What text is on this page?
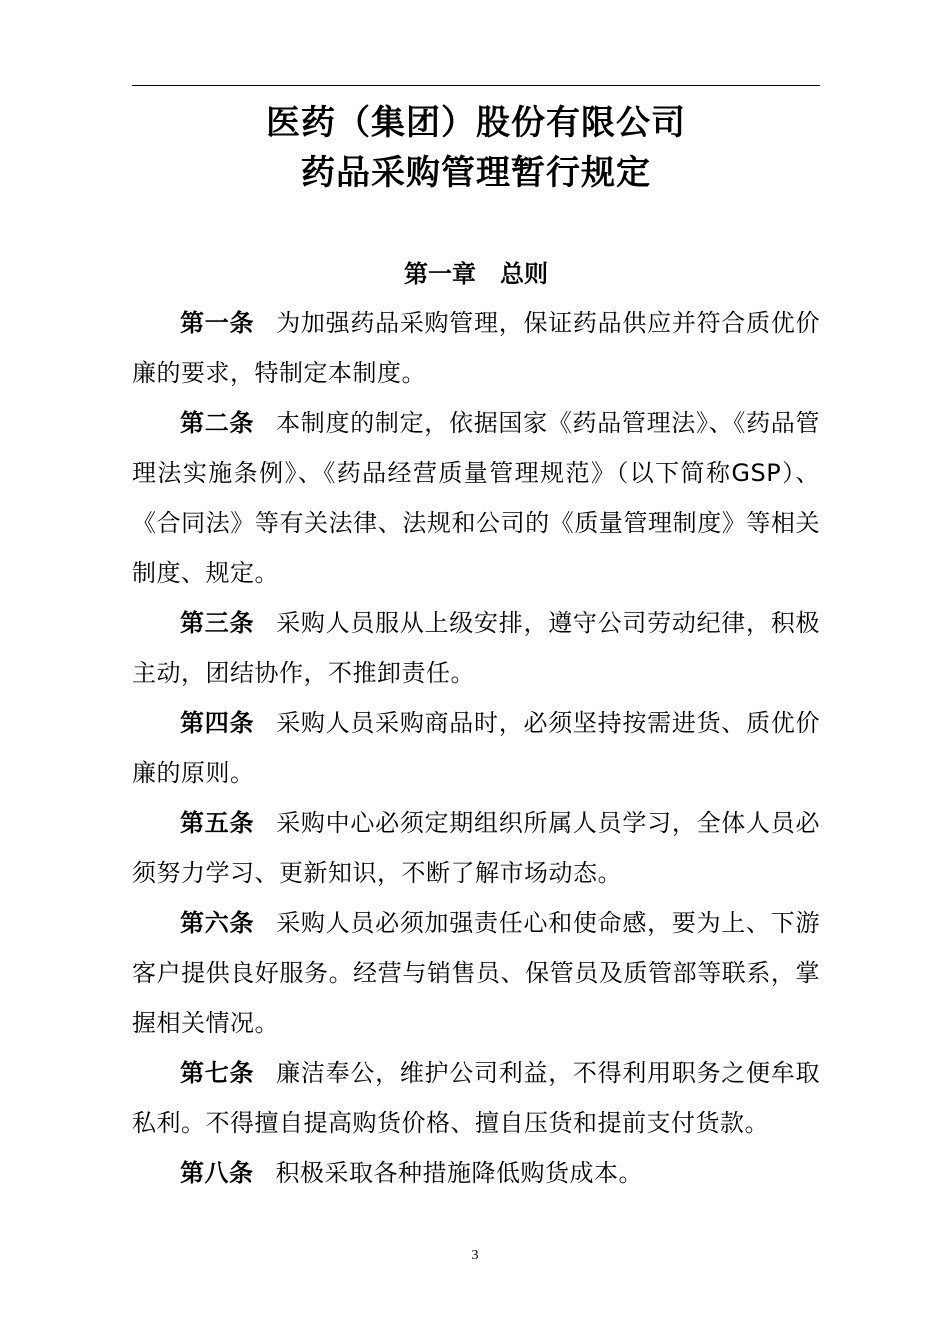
医药（集团）股份有限公司
药品采购管理暂行规定
第一章　总则

第一条 为加强药品采购管理，保证药品供应并符合质优价廉的要求，特制定本制度。

第二条 本制度的制定，依据国家《药品管理法》、《药品管理法实施条例》、《药品经营质量管理规范》（以下简称GSP）、《合同法》等有关法律、法规和公司的《质量管理制度》等相关制度、规定。

第三条 采购人员服从上级安排，遵守公司劳动纪律，积极主动，团结协作，不推卸责任。

第四条 采购人员采购商品时，必须坚持按需进货、质优价廉的原则。

第五条 采购中心必须定期组织所属人员学习，全体人员必须努力学习、更新知识，不断了解市场动态。

第六条 采购人员必须加强责任心和使命感，要为上、下游客户提供良好服务。经营与销售员、保管员及质管部等联系，掌握相关情况。

第七条 廉洁奉公，维护公司利益，不得利用职务之便牟取私利。不得擅自提高购货价格、擅自压货和提前支付货款。

第八条 积极采取各种措施降低购货成本。

3
